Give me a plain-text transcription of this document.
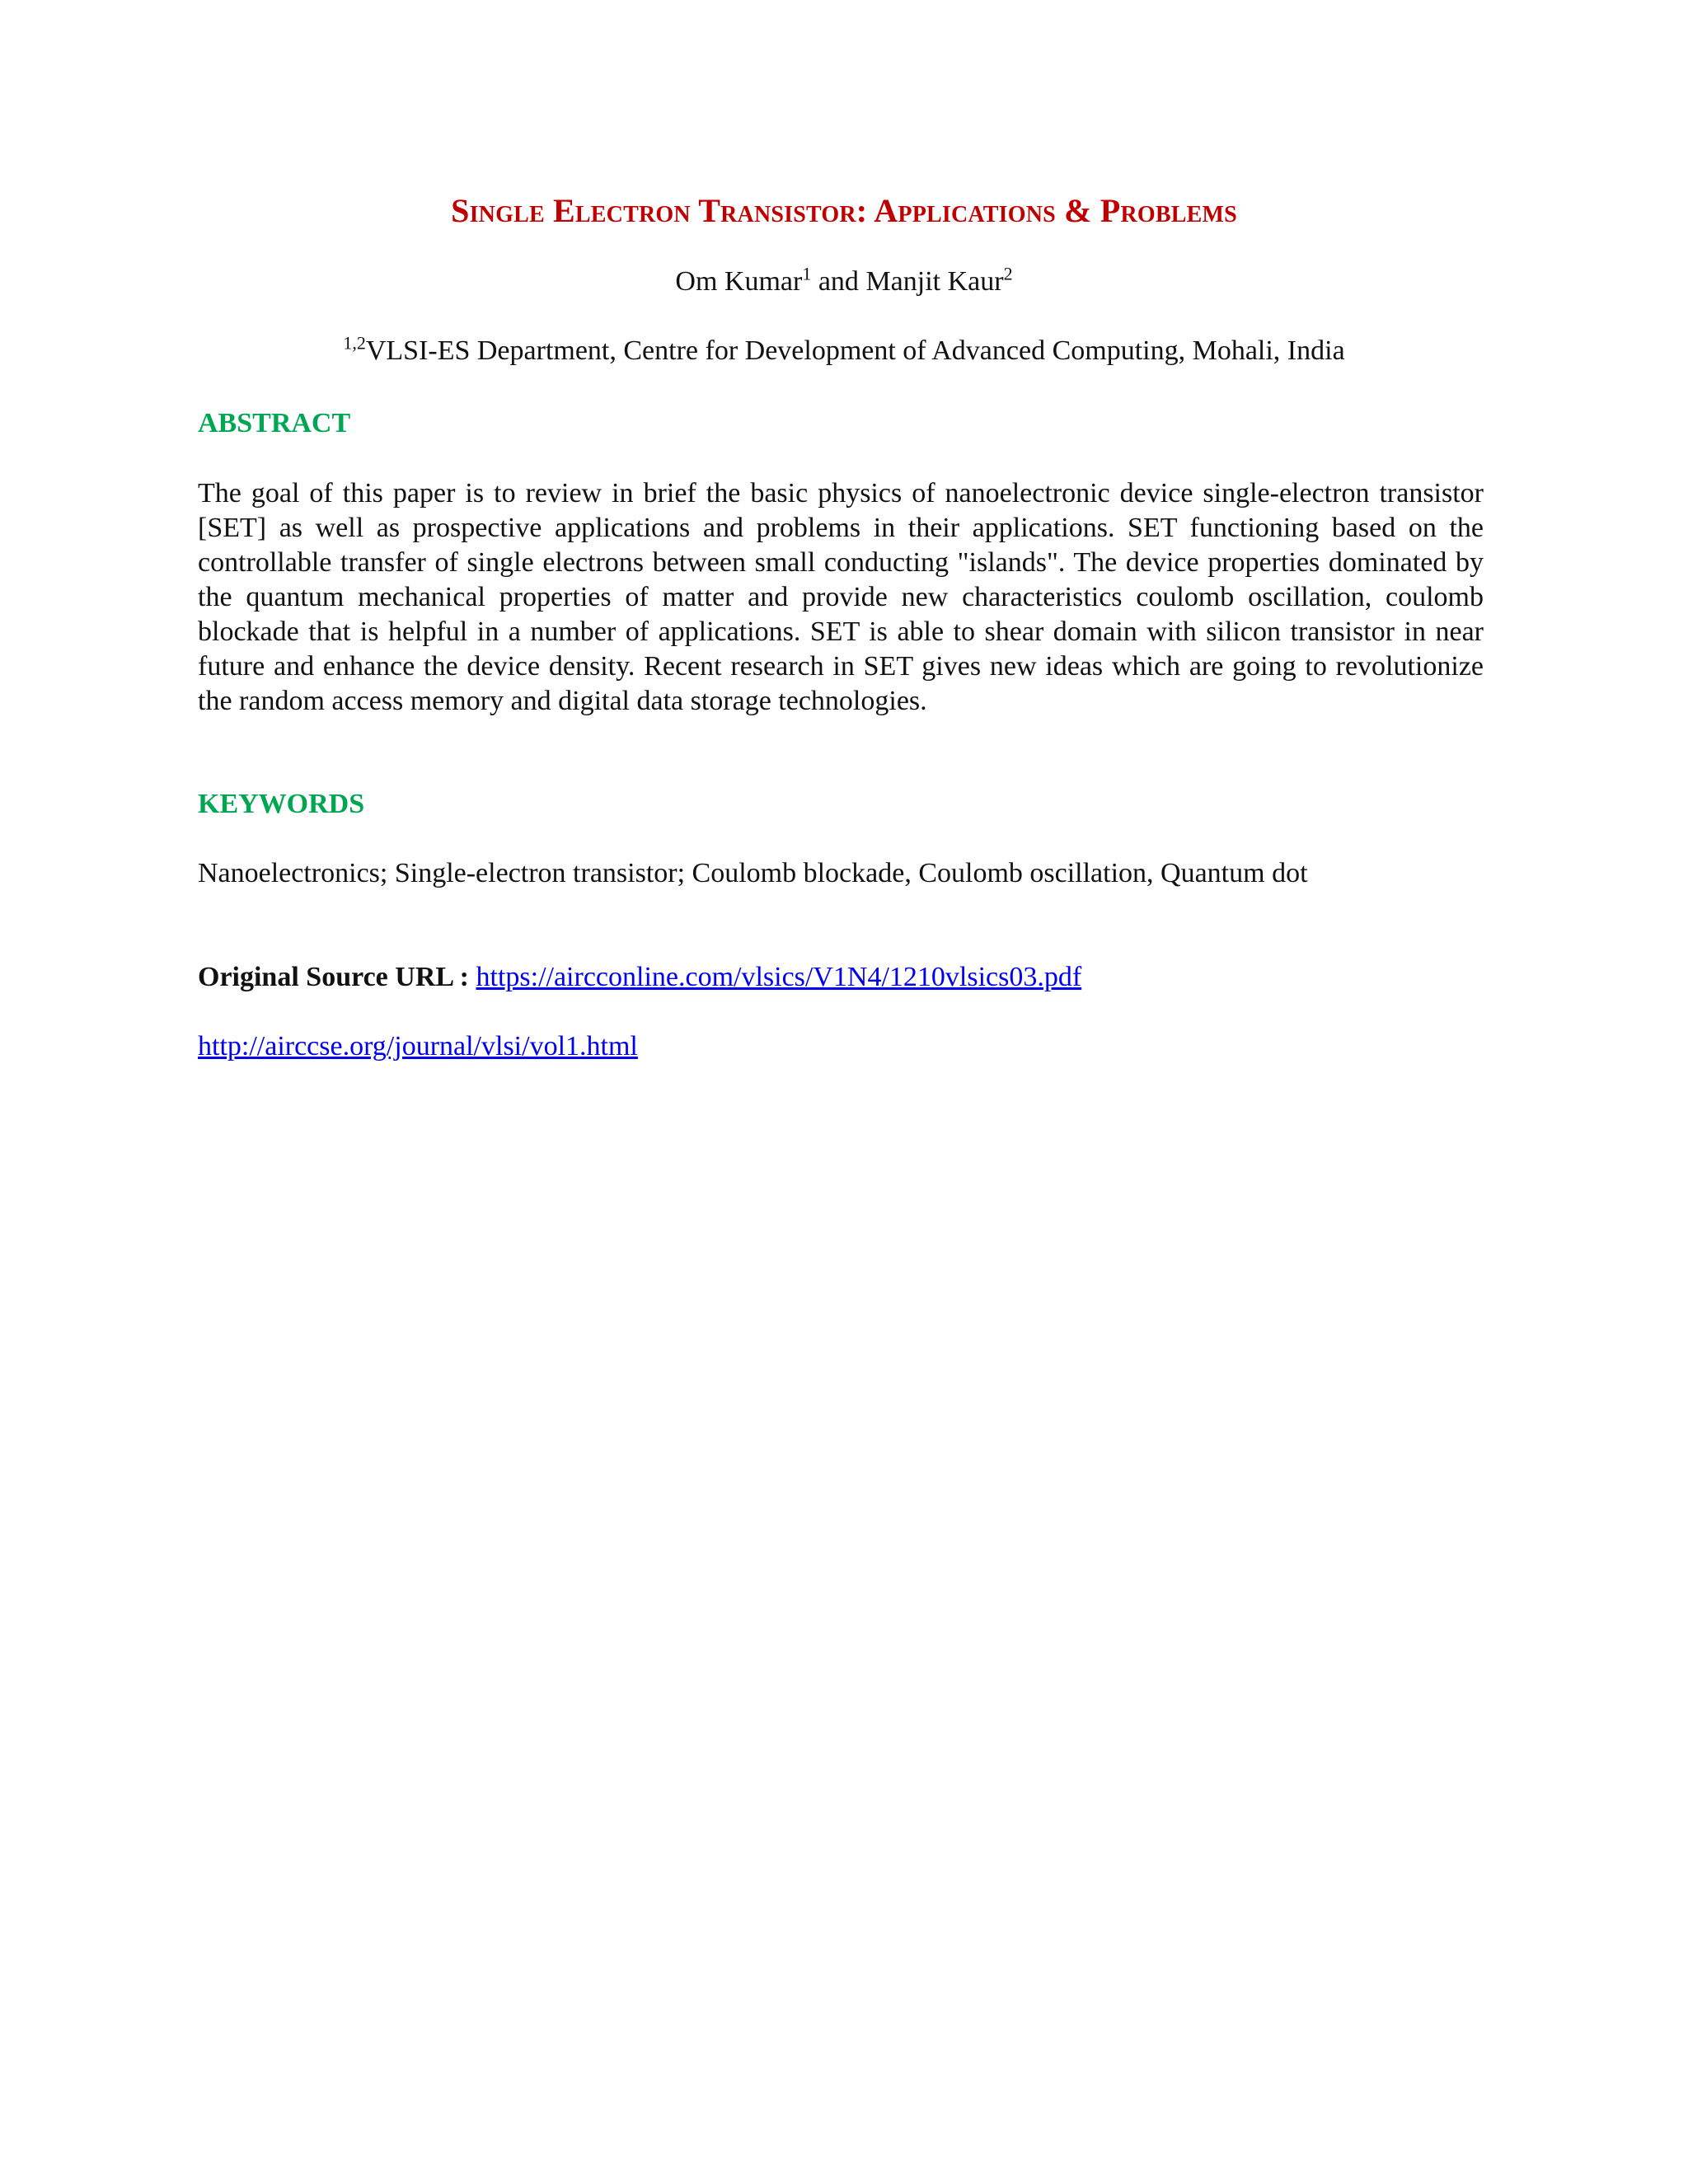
Single Electron Transistor: Applications & Problems
Om Kumar$^1$ and Manjit Kaur$^2$
$^{1,2}$VLSI-ES Department, Centre for Development of Advanced Computing, Mohali, India
ABSTRACT
The goal of this paper is to review in brief the basic physics of nanoelectronic device single-electron transistor [SET] as well as prospective applications and problems in their applications. SET functioning based on the controllable transfer of single electrons between small conducting "islands". The device properties dominated by the quantum mechanical properties of matter and provide new characteristics coulomb oscillation, coulomb blockade that is helpful in a number of applications. SET is able to shear domain with silicon transistor in near future and enhance the device density. Recent research in SET gives new ideas which are going to revolutionize the random access memory and digital data storage technologies.
KEYWORDS
Nanoelectronics; Single-electron transistor; Coulomb blockade, Coulomb oscillation, Quantum dot
Original Source URL : https://aircconline.com/vlsics/V1N4/1210vlsics03.pdf
http://airccse.org/journal/vlsi/vol1.html
